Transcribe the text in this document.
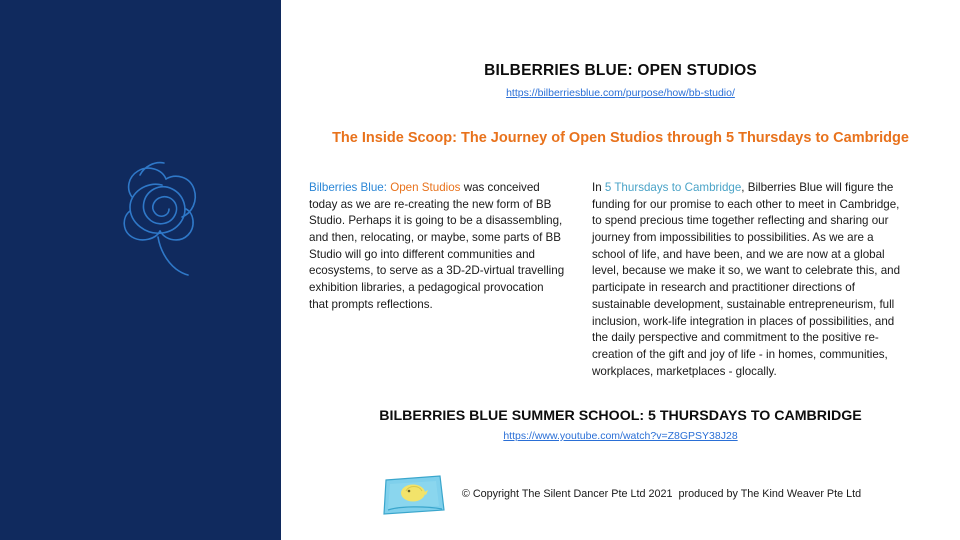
BILBERRIES BLUE: OPEN STUDIOS
https://bilberriesblue.com/purpose/how/bb-studio/
The Inside Scoop: The Journey of Open Studios through 5 Thursdays to Cambridge
Bilberries Blue: Open Studios was conceived today as we are re-creating the new form of BB Studio. Perhaps it is going to be a disassembling, and then, relocating, or maybe, some parts of BB Studio will go into different communities and ecosystems, to serve as a 3D-2D-virtual travelling exhibition libraries, a pedagogical provocation that prompts reflections.
In 5 Thursdays to Cambridge, Bilberries Blue will figure the funding for our promise to each other to meet in Cambridge, to spend precious time together reflecting and sharing our journey from impossibilities to possibilities. As we are a school of life, and have been, and we are now at a global level, because we make it so, we want to celebrate this, and participate in research and practitioner directions of sustainable development, sustainable entrepreneurism, full inclusion, work-life integration in places of possibilities, and the daily perspective and commitment to the positive re-creation of the gift and joy of life - in homes, communities, workplaces, marketplaces - glocally.
BILBERRIES BLUE SUMMER SCHOOL: 5 THURSDAYS TO CAMBRIDGE
https://www.youtube.com/watch?v=Z8GPSY38J28
© Copyright The Silent Dancer Pte Ltd 2021  produced by The Kind Weaver Pte Ltd
